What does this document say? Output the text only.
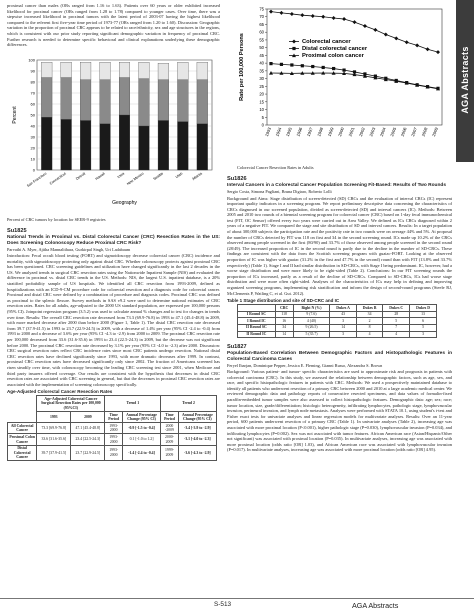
AGA Abstracts

proximal cancer than males (ORs ranged from 1.16 to 1.63). Patients over 60 years or older exhibited increased likelihood for proximal cancer (ORs ranged from 1.28 to 1.78) compared to younger cases. Over time, there was a stepwise increased likelihood in proximal tumors with the latest period of 2003-07 having the highest likelihood compared to the referent first five-year time period of 1973-77 (ORs ranged from 1.20 to 1.60). Discussion: Geographic variation in the proportion of proximal CRC appears to be related to race/ethnicity, sex and age structures in the regions, which is consistent with our prior study reporting significant demographic variation in frequency of proximal CRC. Further research is needed to determine specific behavioral and clinical explanations underlying these demographic differences.

0
10
20
30
40
50
60
70
80
90
100
Percent
San Francisco Connecticut Detroit Hawaii	Iowa New Mexico Seattle	Utah Atlanta
Geography

Percent of CRC tumors by location for SEER-9 registries

Su1825

National Trends in Proximal vs. Distal Colorectal Cancer (CRC) Resection Rates in the US: Does Screening Colonoscopy Reduce Proximal CRC Risk?

Parvathi A. Myer, Ajitha Mannalithara, Gurkirpal Singh, Uri Ladabaum

Introduction: Fecal occult blood testing (FOBT) and sigmoidoscopy decrease colorectal cancer (CRC) incidence and mortality, with sigmoidoscopy protecting only against distal CRC. Whether colonoscopy protects against proximal CRC has been questioned. CRC screening guidelines and utilization have changed significantly in the last 2 decades in the US. We analyzed trends in surgical CRC resection rates using the Nationwide Inpatient Sample (NIS) and evaluated the difference in proximal vs. distal CRC trends in the US. Methods: NIS, the largest U.S. inpatient database, is a 20% stratified probability sample of US hospitals. We identified all CRC resection from 1993-2009, defined as hospitalizations with an ICD-9-CM procedure code for colorectal resection and a diagnosis code for colorectal cancer. Proximal and distal CRC were defined by a combination of procedure and diagnosis codes. Proximal CRC was defined as proximal to the splenic flexure. Survey methods in SAS v9.2 were used to determine national estimates of CRC resection rates. Rates for all adults, age-adjusted to the 2000 US standard population, are expressed per 100,000 persons (95% CI). Joinpoint regression program (3.5.2) was used to calculate annual % changes and to test for changes in trends over time. Results: The overall CRC resection rate decreased from 73.3 (69.9-76.8) in 1993 to 47.1 (45.4-48.8) in 2009, with more marked decrease after 2000 than before 2000 (Figure 1, Table 1). The distal CRC resection rate decreased from 39.7 (37.9-41.5) in 1993 to 23.7 (22.9-24.5) in 2009, with a decrease of 1.4% per year (95% CI -2.4 to -0.4) from 1993 to 2000 and a decrease of 3.6% per year (95% CI -4.3 to -2.9) from 2000 to 2009. The proximal CRC resection rate per 100,000 decreased from 33.6 (31.6-35.6) in 1993 to 23.4 (22.5-24.3) in 2009, but the decrease was not significant before 2000. The proximal CRC resection rate decreased by 3.1% per year (95% CI -4.0 to -2.3) after 2000. Discussion: CRC surgical resection rates reflect CRC incidence rates since most CRC patients undergo resection. National distal CRC resection rates have declined significantly since 1993, with more dramatic decreases after 1999. In contrast, proximal CRC resection rates have decreased significantly only since 2002. The fraction of Americans screened has risen steadily over time, with colonoscopy becoming the leading CRC screening test since 2001, when Medicare and third party insurers offered coverage. Our results are consistent with the hypothesis that decreases in distal CRC resection rates are associated with CRC screening in general, but that the decreases in proximal CRC resection rates are associated with the implementation of screening colonoscopy specifically.

Age-Adjusted Colorectal Cancer Resection Rates
	Age-Adjusted Colorectal Cancer Surgical Resection Rates per 100,000 (95%CI)		Trend 1		Trend 2	
	1993	2009	Time Period	Annual Percentage Change (95% CI)	Time Period	Annual Percentage Change (95% CI)
All Colorectal Cancer	73.3 [69.9-76.8]	47.1 [45.4-48.8]	1993-2000	-0.9 [-1.5 to -0.4]	2000 -2009	-3.4 [-3.9 to -2.9]
Proximal Colon Cancer	33.6 [31.6-35.6]	23.4 [22.5-24.3]	1993-2000	0.1 [-1.0 to 1.2]	2000-2009	-3.1 [-4.0 to -2.3]
Distal Colorectal Cancer	39.7 [37.9-41.5]	23.7 [22.9-24.5]	1993-2000	-1.4 [-2.4 to -0.4]	1999-2009	-3.6 [-4.3 to -2.9]
0
5
10
15
20
25
30
35
40
45
50
55
60
65
70
75
Rate per 100,000 Persons
1993 1994 1995 1996 1997 1998 1999 2000 2001 2002 2003 2004 2005 2006 2007 2008 2009
Colorectal cancer
Distal colorectal cancer
Proximal colon cancer

Colorectal Cancer Resection Rates in Adults

Su1826

Interval Cancers in a Colorectal Cancer Population Screening Fit-Based: Results of Two Rounds

Sergio Costa, Simona Pagliani, Bruna Digiaro, Roberto Lolli

Background and Aims: Stage distribution of screen-detected (SD) CRCs and the evaluation of interval CRCs (IC) represent important quality indicators in a screening program. We report preliminary descriptive data concerning the characteristics of CRCs diagnosed in our screened population, divided as screen-detected (SD) and interval cancers (IC). Methods: Between 2005 and 2010 two rounds of a biennial screening program for colorectal cancer (CRC) based on 1-day fecal immunochemical test (FIT, OC Sensor) offered every two years were carried out in Area Valley. We defined as ICs CRCs diagnosed within 2 years of a negative FIT. We compared the stage and site distribution of SD and interval cancers. Results: In a target population of about 300,000 subjects the participation rate and the positivity rate in two rounds were on average 44% and 5%. At proposal the number of CRCs detected by FIT was 118 on first and 34 in the second screening round. ICs made up 10.2% of the CRCs observed among people screened in the first (80/90) and 33.7% of those observed among people screened in the second round (28/49). The increased proportion of IC in the second round is partly due to the decline in the number of SD-CRCs. These findings are consistent with the data from the Scottish screening program with guaiac-FOBT. Looking at the observed proportion of IC was higher with guaiac (31.2% in the first and 47.7% in the second) round than with FIT (13.8% and 33.7% respectively) (Table 1). Stage I and II had similar distribution in SD-CRCs, with Stage I being predominant. IC, however, had a worse stage distribution and were more likely to be right-sided (Table 2). Conclusions: In our FIT screening rounds the proportion of ICs increased, partly as a result of the decline of SD-CRCs. Compared to SD-CRCs, ICs had worse stage distribution and were more often right-sided. Analyses of the characteristics of ICs may help in defining and improving organized screening programs, implementing risk stratification and inform the design of second-round programs (Steele RJ, McClements P, Watling C, et al. Gut. 2012).

Table 1 Stage distribution and site of SD-CRC and IC
	CRC	Right N (%)	Dukes A	Dukes B	Dukes C	Dukes D
I Round SC	118	9 (7.6)	43	34	28	13
I Round IC	16	4 (40)	3	2	5	6
II Round SC	34	9 (26.5)	14	8	7	5
II Round IC	14	5 (35.7)	3	4	4	3
Su1827

Population-Based Correlation Between Demographic Factors and Histopathologic Features in Colorectal Carcinoma Cases

Feryel Ibarjan, Dominique Pepper, Jessica E. Fleming, Gianni Russo, Alexandra S. Brown

Background: Various patient- and tumor- specific characteristics are used to approximate risk and prognosis in patients with colorectal carcinoma (CRC). In this study, we assessed the relationship between demographic factors, such as age, sex, and race, and specific histopathologic features in patients with CRC. Methods: We used a prospectively maintained database to identify all patients who underwent resection of a primary CRC between 2000 and 2010 at a large academic medical center. We reviewed demographic data and pathology reports of consecutive resected specimens, and data values of formalin-fixed paraffin-embedded tumor samples were also assessed to collect histopathologic features. Demographic data: age; sex; race; tumor location, size, grade/differentiation; histologic heterogeneity, infiltrating lymphocytes, pathologic stage, lymphovascular invasion, perineural invasion, and lymph node metastasis. Analyses were performed with STATA 10.1, using student's t-test and Fisher exact tests for univariate analyses and linear regression models for multivariate analyses. Results: Over an 11-year period, 600 patients underwent resection of a primary CRC (Table 1). In univariate analyses (Table 2), increasing age was associated with more proximal location (P<0.001), higher pathologic stage (P=0.030), lymphovascular invasion (P=0.034), and infiltrating lymphocytes (P=0.002). Sex was not associated with tumor features. African American race (Asian/Hispanic/Other not significant) was associated with proximal location (P=0.035). In multivariate analyses, increasing age was associated with more proximal location (odds ratio [OR] 1.03), and African American race was associated with lymphovascular invasion (P=0.017). In multivariate analyses, increasing age was associated with more proximal location (odds ratio [OR] 4.95).

S-513	AGA Abstracts
